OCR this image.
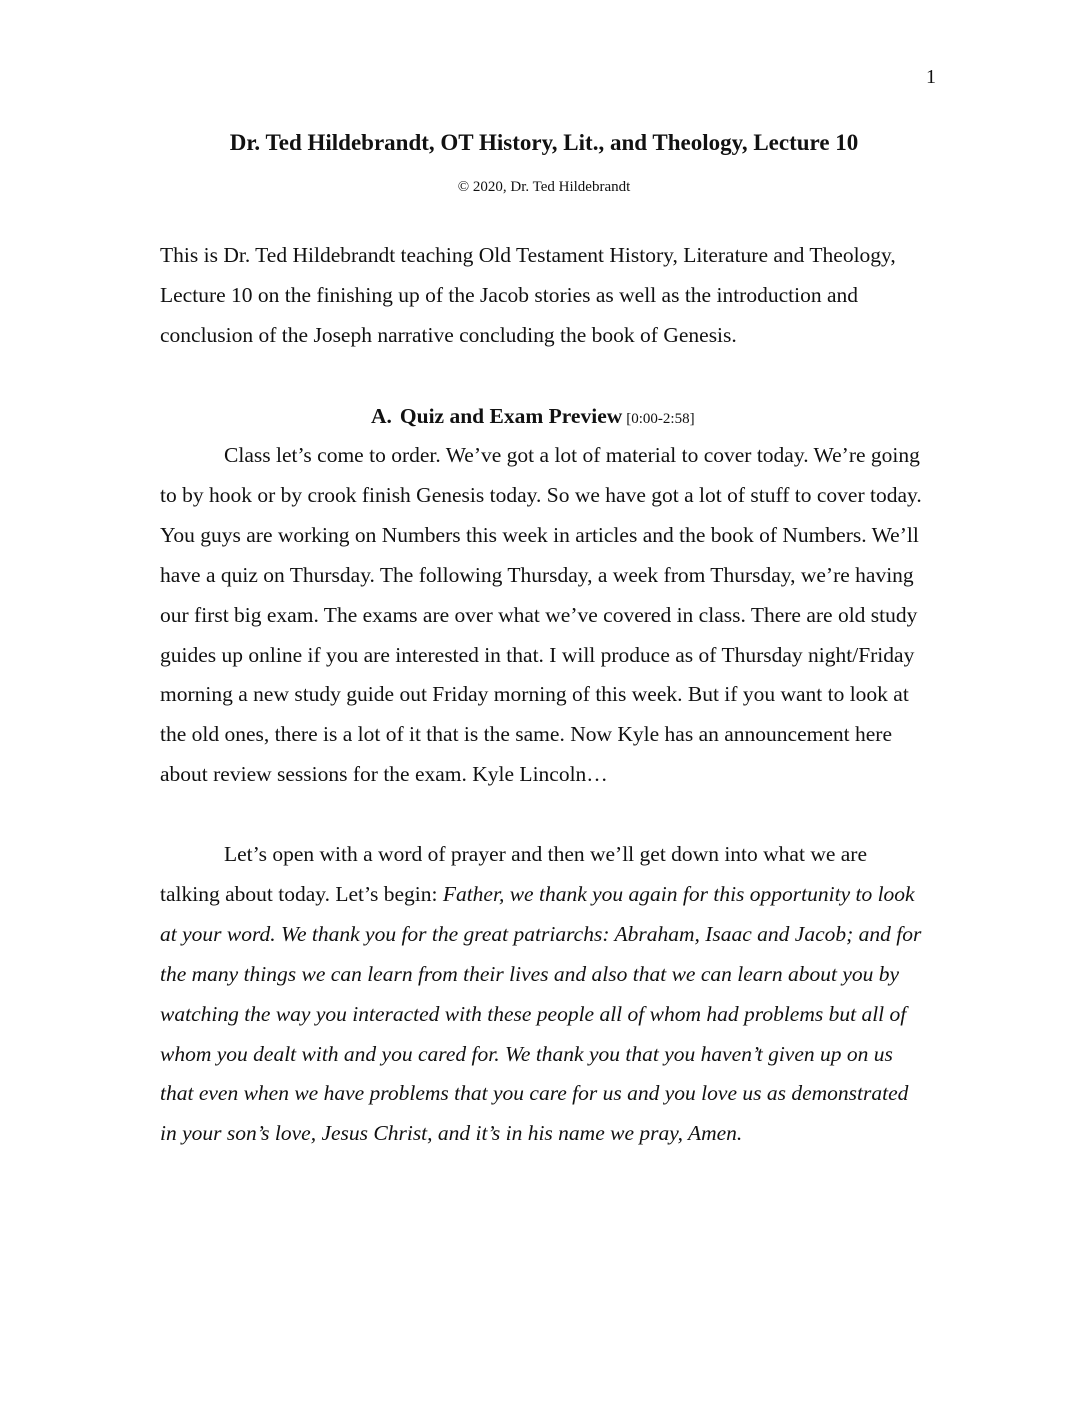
1
Dr. Ted Hildebrandt, OT History, Lit., and Theology, Lecture 10
© 2020, Dr. Ted Hildebrandt

This is Dr. Ted Hildebrandt teaching Old Testament History, Literature and Theology, Lecture 10 on the finishing up of the Jacob stories as well as the introduction and conclusion of the Joseph narrative concluding the book of Genesis.

A. Quiz and Exam Preview [0:00-2:58]

Class let’s come to order. We’ve got a lot of material to cover today. We’re going to by hook or by crook finish Genesis today. So we have got a lot of stuff to cover today. You guys are working on Numbers this week in articles and the book of Numbers. We’ll have a quiz on Thursday. The following Thursday, a week from Thursday, we’re having our first big exam. The exams are over what we’ve covered in class. There are old study guides up online if you are interested in that. I will produce as of Thursday night/Friday morning a new study guide out Friday morning of this week. But if you want to look at the old ones, there is a lot of it that is the same. Now Kyle has an announcement here about review sessions for the exam. Kyle Lincoln…

Let’s open with a word of prayer and then we’ll get down into what we are talking about today. Let’s begin: Father, we thank you again for this opportunity to look at your word. We thank you for the great patriarchs: Abraham, Isaac and Jacob; and for the many things we can learn from their lives and also that we can learn about you by watching the way you interacted with these people all of whom had problems but all of whom you dealt with and you cared for. We thank you that you haven’t given up on us that even when we have problems that you care for us and you love us as demonstrated in your son’s love, Jesus Christ, and it’s in his name we pray, Amen.
